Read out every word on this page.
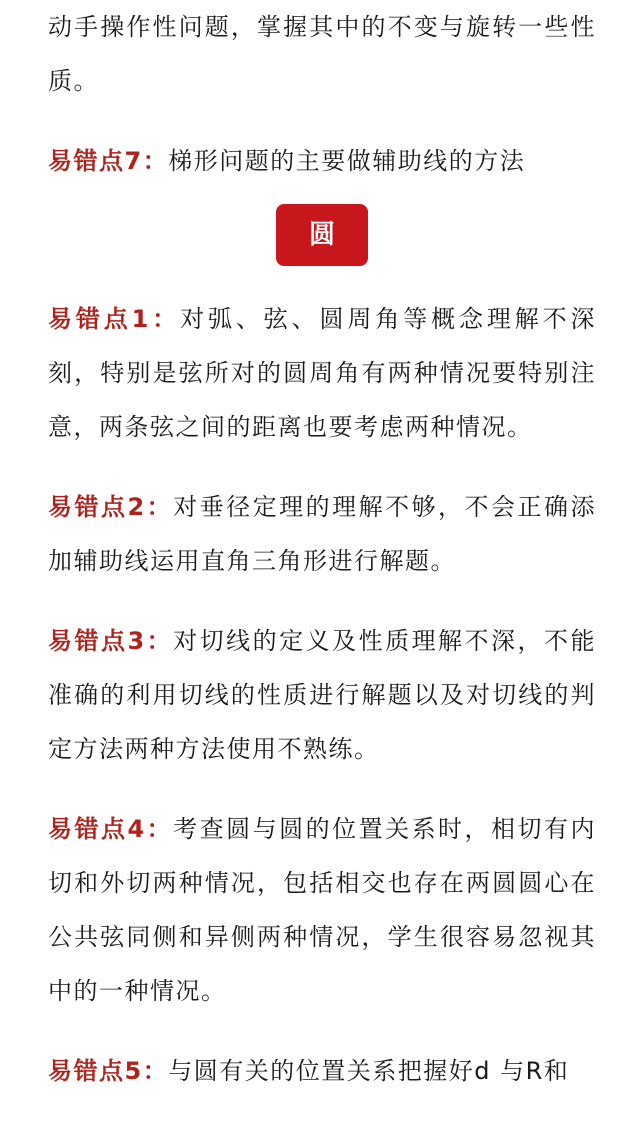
动手操作性问题，掌握其中的不变与旋转一些性质。

易错点7：梯形问题的主要做辅助线的方法

圆

易错点1：对弧、弦、圆周角等概念理解不深刻，特别是弦所对的圆周角有两种情况要特别注意，两条弦之间的距离也要考虑两种情况。

易错点2：对垂径定理的理解不够，不会正确添加辅助线运用直角三角形进行解题。

易错点3：对切线的定义及性质理解不深，不能准确的利用切线的性质进行解题以及对切线的判定方法两种方法使用不熟练。

易错点4：考查圆与圆的位置关系时，相切有内切和外切两种情况，包括相交也存在两圆圆心在公共弦同侧和异侧两种情况，学生很容易忽视其中的一种情况。

易错点5：与圆有关的位置关系把握好d 与R和
